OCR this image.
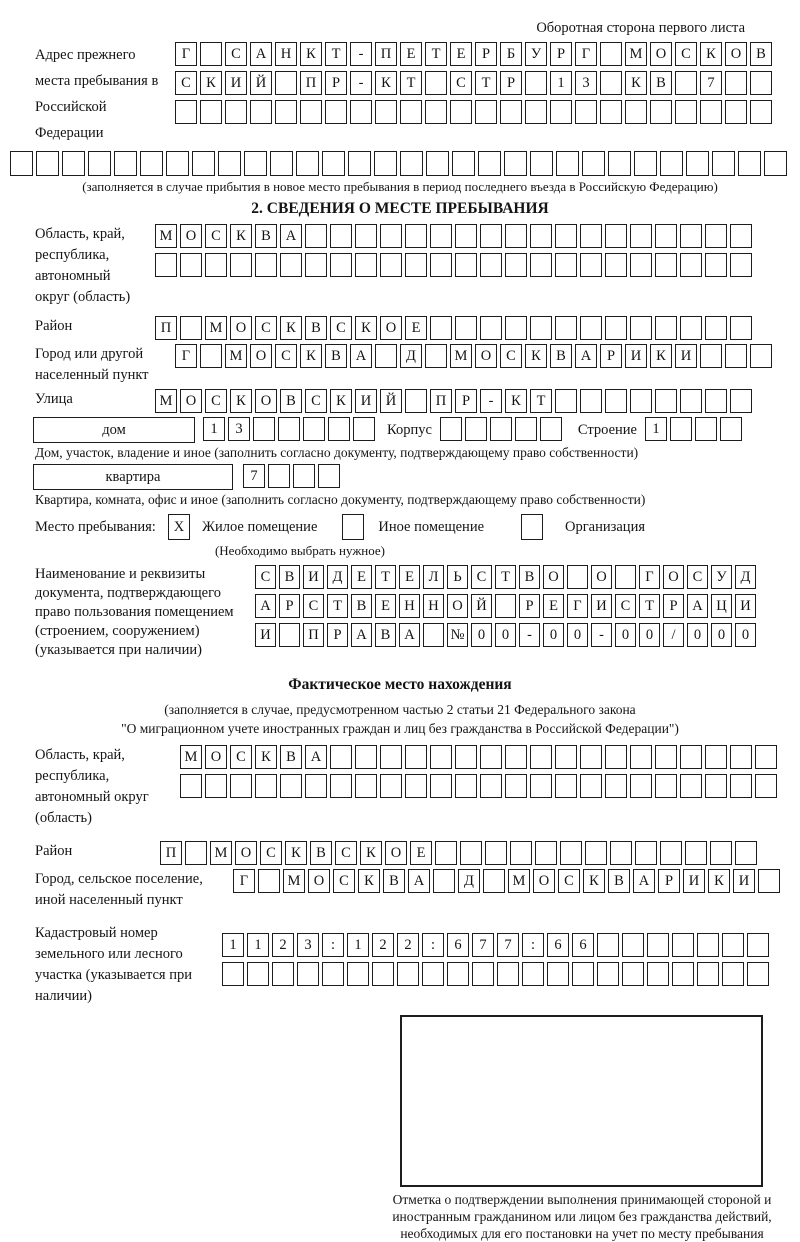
Оборотная сторона первого листа
Адрес прежнего места пребывания в Российской Федерации
Г	С	А	Н	К	Т	-	П	Е	Т	Е	Р	Б	У	Р	Г	М О	С	К	О	В
С	К	И	Й	П	Р	-	К	Т	С	Т	Р	1	3	К	В	7
(заполняется в случае прибытия в новое место пребывания в период последнего въезда в Российскую Федерацию)
2. СВЕДЕНИЯ О МЕСТЕ ПРЕБЫВАНИЯ
Область, край, республика, автономный округ (область)
М О	С	К	В	А
Район	П	М О	С	К	В	С	К	О	Е
Город или другой населенный пункт
Г	М О	С	К	В	А	Д	М О	С	К	В	А	Р	И	К	И
Улица	М О	С	К	О	В	С	К	И	Й	П	Р	-	К	Т
дом	1	3	Корпус	Строение	1
Дом, участок, владение и иное (заполнить согласно документу, подтверждающему право собственности)
квартира	7
Квартира, комната, офис и иное (заполнить согласно документу, подтверждающему право собственности)
Место пребывания:	X	Жилое помещение	Иное помещение	Организация
(Необходимо выбрать нужное)
Наименование и реквизиты документа, подтверждающего право пользования помещением (строением, сооружением) (указывается при наличии)
С В И Д	Е	Т	Е	Л	Ь	С	Т	В О	О	Г	О С У Д
А	Р	С	Т	В	Е Н Н О Й	Р	Е	Г	И С	Т	Р	А Ц И
И	П	Р	А В А	№ 0	0	-	0	0	-	0	0	/	0	0	0
Фактическое место нахождения
(заполняется в случае, предусмотренном частью 2 статьи 21 Федерального закона
"О миграционном учете иностранных граждан и лиц без гражданства в Российской Федерации")
Область, край, республика, автономный округ (область)
М О	С	К	В	А
Район	П	М О	С	К	В	С	К	О	Е
Город, сельское поселение, иной населенный пункт
Г	М О	С	К	В	А	Д	М О	С	К	В	А	Р	И	К	И
Кадастровый номер земельного или лесного участка (указывается при наличии)
1	1	2	3	:	1	2	2	:	6	7	7	:	6	6
Отметка о подтверждении выполнения принимающей стороной и иностранным гражданином или лицом без гражданства действий, необходимых для его постановки на учет по месту пребывания
